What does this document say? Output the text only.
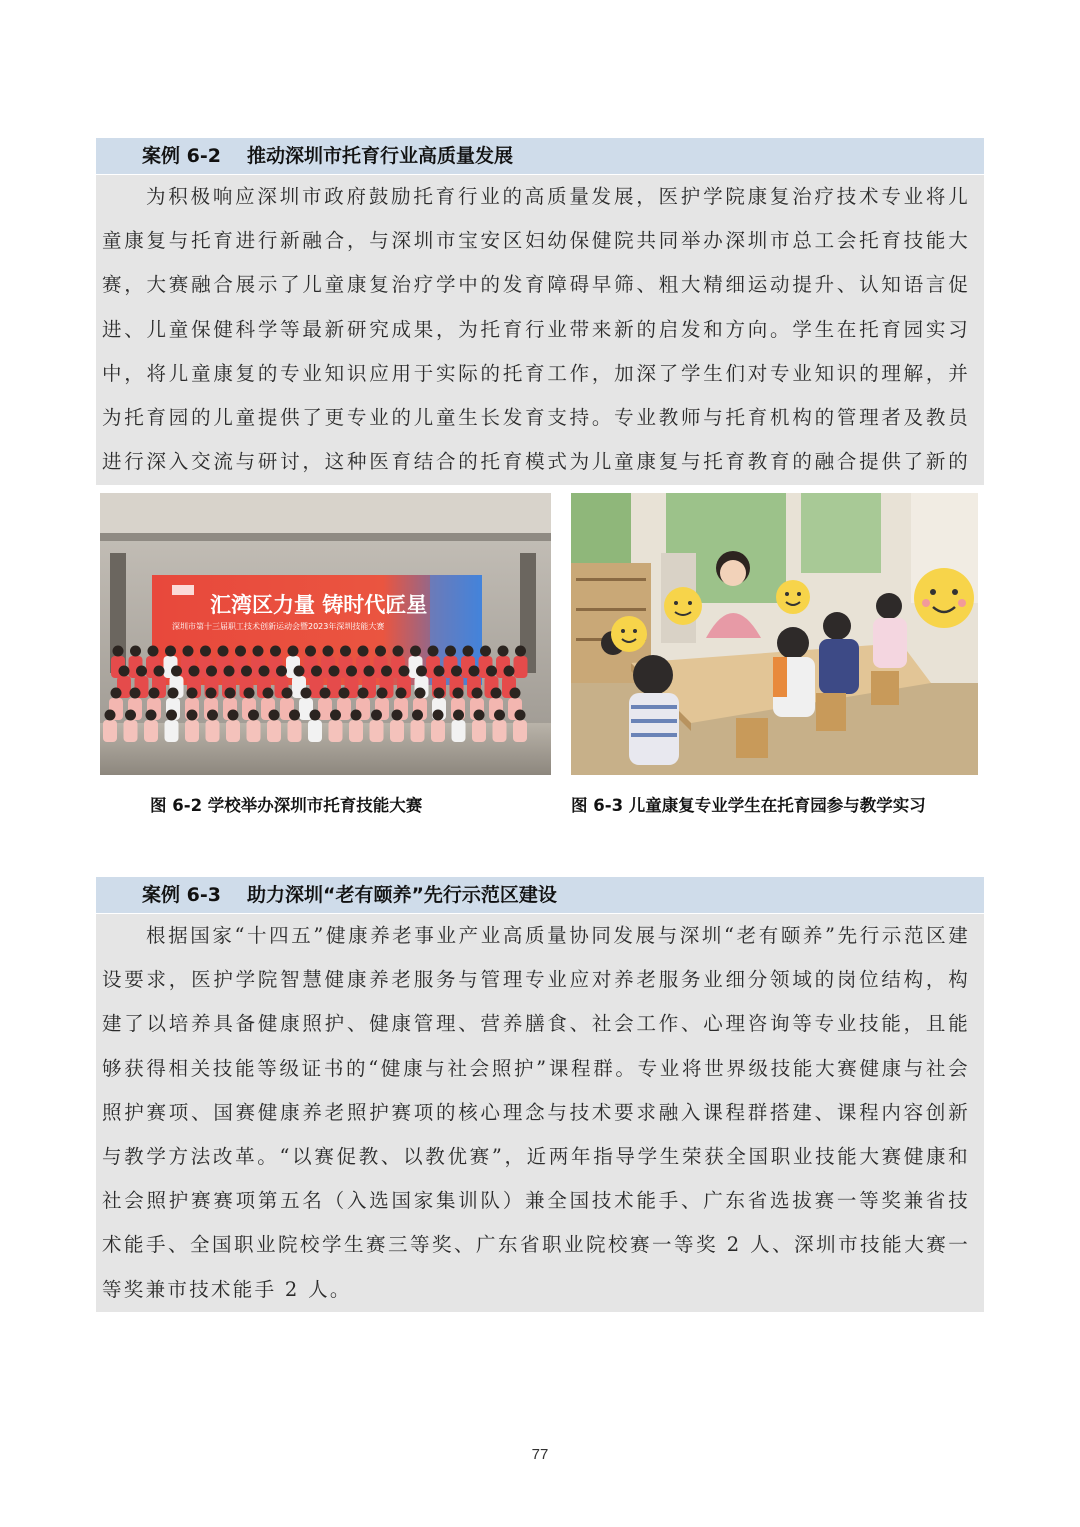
案例 6-2 推动深圳市托育行业高质量发展

为积极响应深圳市政府鼓励托育行业的高质量发展，医护学院康复治疗技术专业将儿童康复与托育进行新融合，与深圳市宝安区妇幼保健院共同举办深圳市总工会托育技能大赛，大赛融合展示了儿童康复治疗学中的发育障碍早筛、粗大精细运动提升、认知语言促进、儿童保健科学等最新研究成果，为托育行业带来新的启发和方向。学生在托育园实习中，将儿童康复的专业知识应用于实际的托育工作，加深了学生们对专业知识的理解，并为托育园的儿童提供了更专业的儿童生长发育支持。专业教师与托育机构的管理者及教员进行深入交流与研讨，这种医育结合的托育模式为儿童康复与托育教育的融合提供了新的

汇湾区力量 铸时代匠星
深圳市第十三届职工技术创新运动会暨2023年深圳技能大赛
图 6-2 学校举办深圳市托育技能大赛	图 6-3 儿童康复专业学生在托育园参与教学实习
案例 6-3 助力深圳“老有颐养”先行示范区建设

根据国家“十四五”健康养老事业产业高质量协同发展与深圳“老有颐养”先行示范区建设要求，医护学院智慧健康养老服务与管理专业应对养老服务业细分领域的岗位结构，构建了以培养具备健康照护、健康管理、营养膳食、社会工作、心理咨询等专业技能，且能够获得相关技能等级证书的“健康与社会照护”课程群。专业将世界级技能大赛健康与社会照护赛项、国赛健康养老照护赛项的核心理念与技术要求融入课程群搭建、课程内容创新与教学方法改革。“以赛促教、以教优赛”，近两年指导学生荣获全国职业技能大赛健康和社会照护赛赛项第五名（入选国家集训队）兼全国技术能手、广东省选拔赛一等奖兼省技术能手、全国职业院校学生赛三等奖、广东省职业院校赛一等奖 2 人、深圳市技能大赛一等奖兼市技术能手 2 人。

77
